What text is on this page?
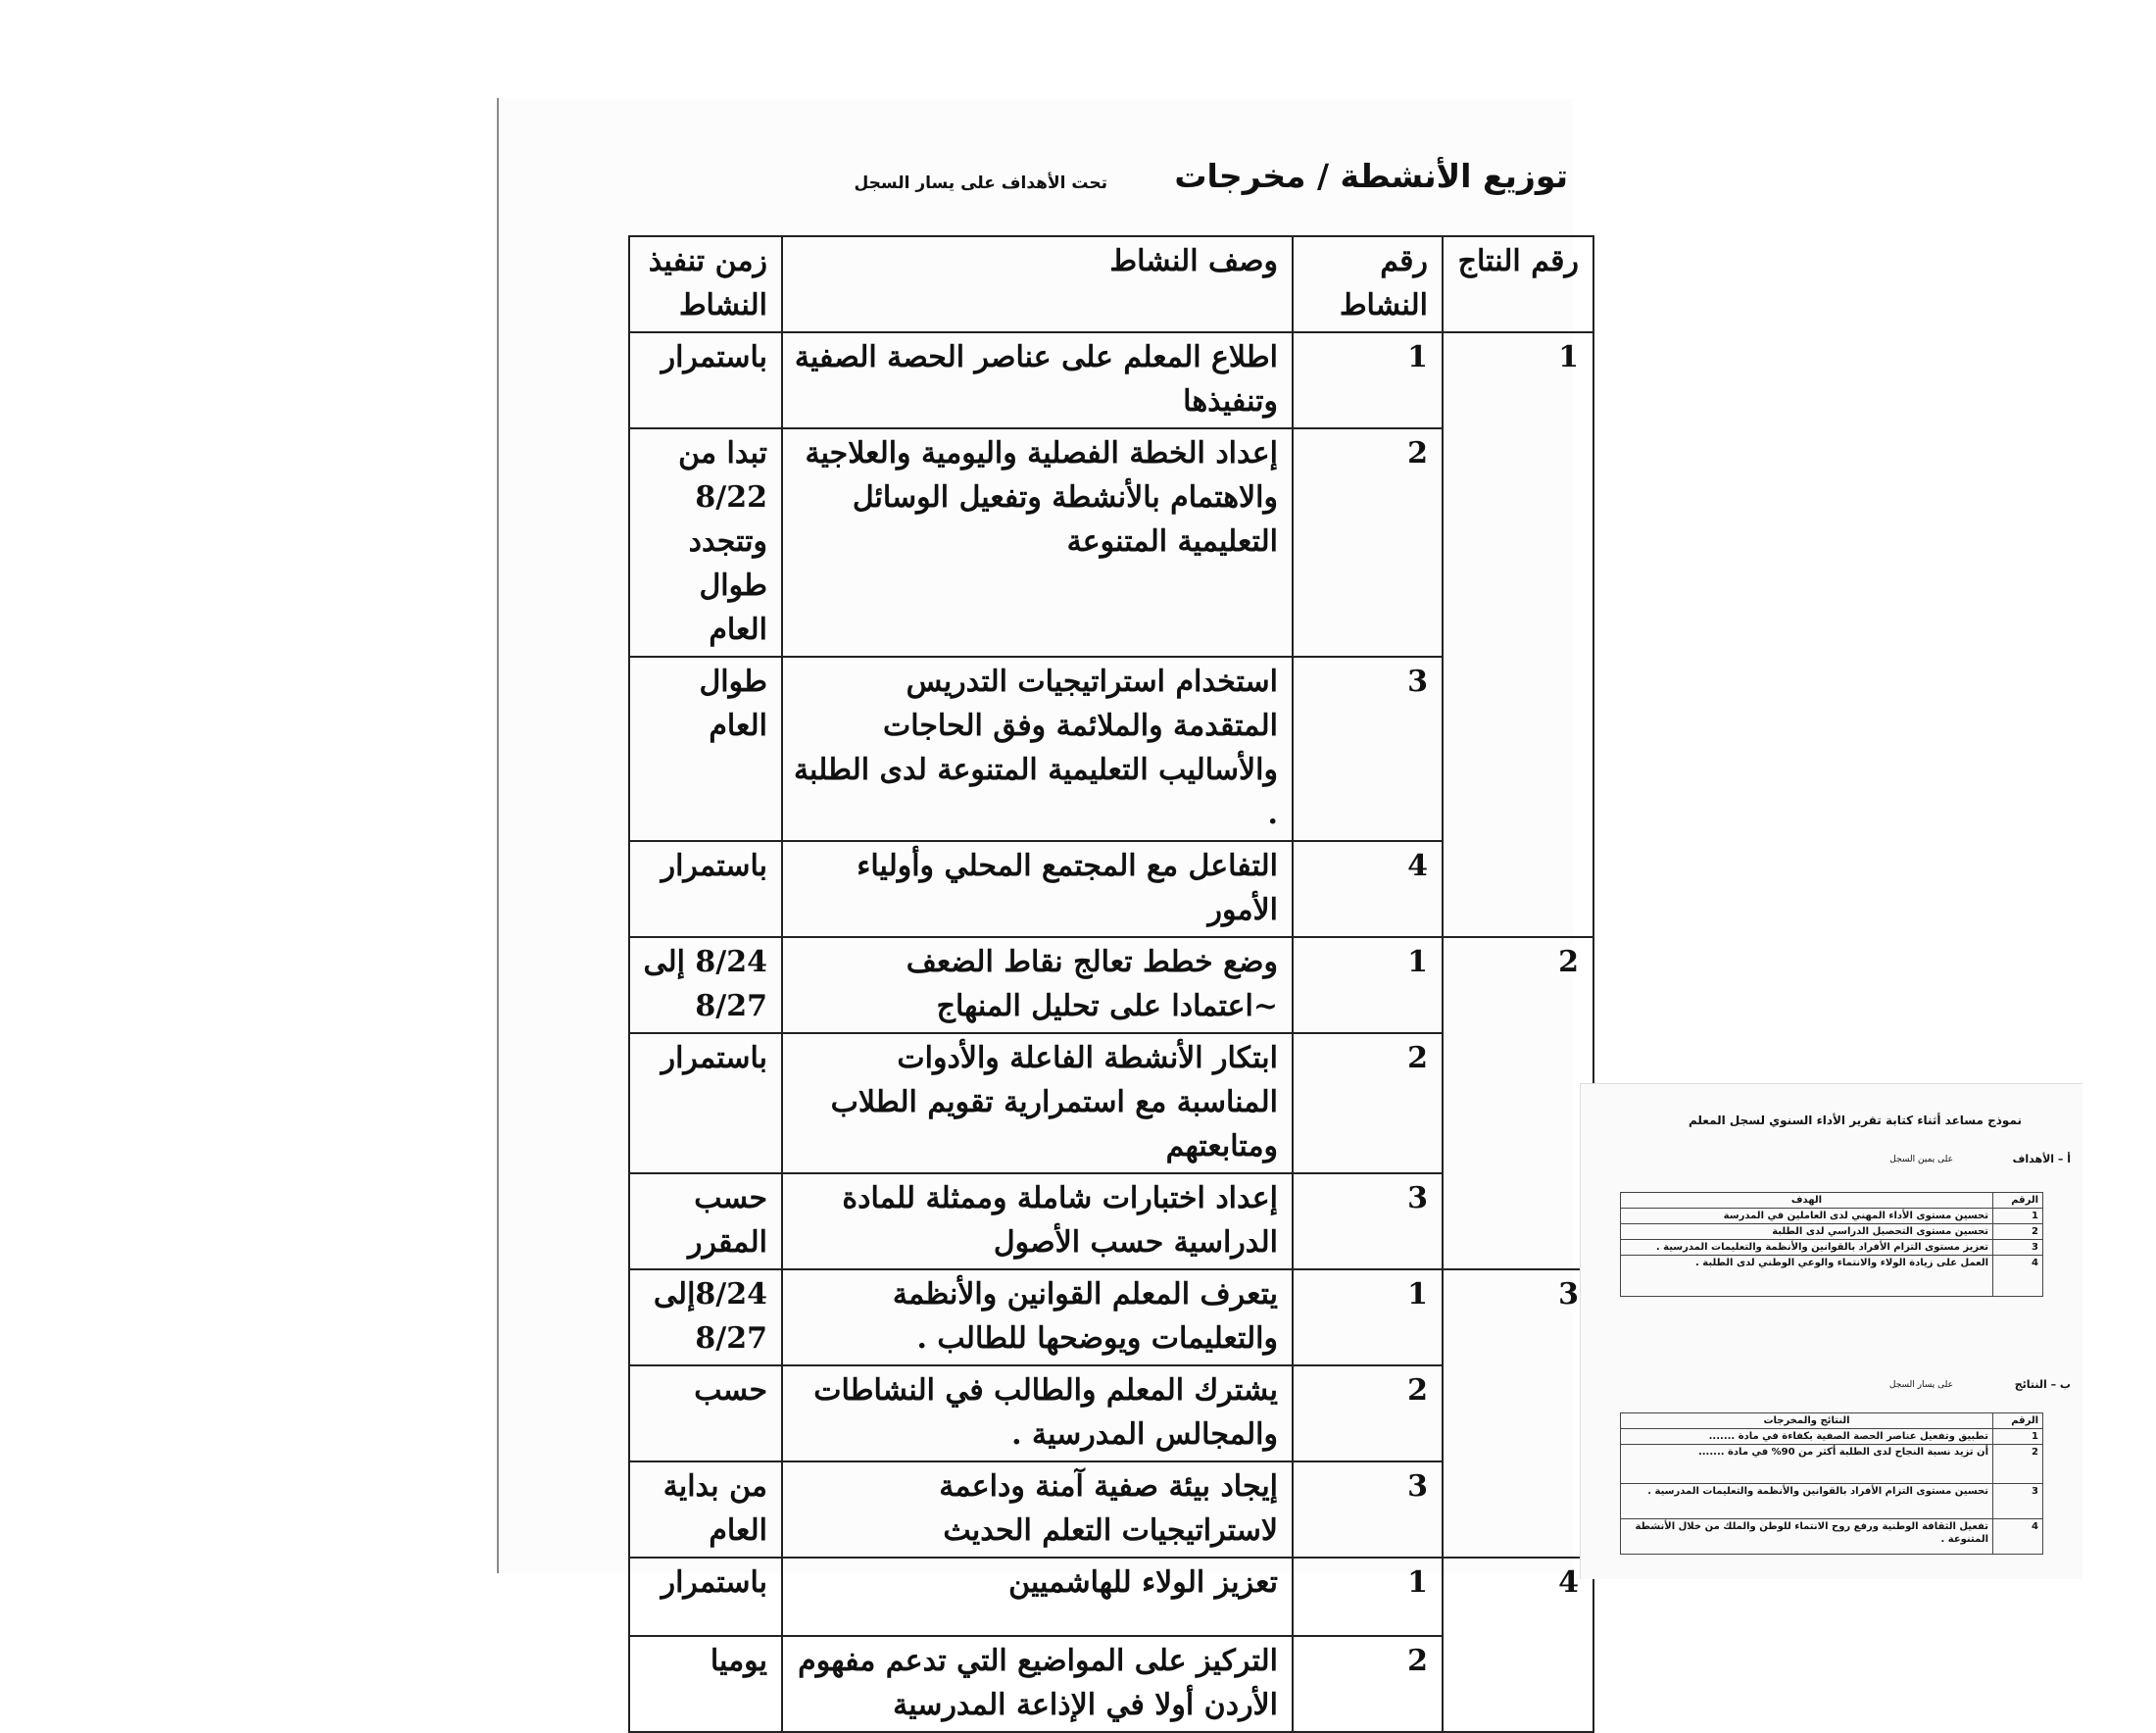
توزيع الأنشطة / مخرجات
تحت الأهداف على يسار السجل
رقم النتاج	رقم النشاط	وصف النشاط	زمن تنفيذ النشاط
1	1	اطلاع المعلم على عناصر الحصة الصفية وتنفيذها	باستمرار
	2	إعداد الخطة الفصلية واليومية والعلاجية والاهتمام بالأنشطة وتفعيل الوسائل التعليمية المتنوعة	تبدا من 8/22 وتتجدد طوال العام
	3	استخدام استراتيجيات التدريس المتقدمة والملائمة وفق الحاجات والأساليب التعليمية المتنوعة لدى الطلبة .	طوال العام
	4	التفاعل مع المجتمع المحلي وأولياء الأمور	باستمرار
2	1	وضع خطط تعالج نقاط الضعف ~اعتمادا على تحليل المنهاج	8/24 إلى 8/27
	2	ابتكار الأنشطة الفاعلة والأدوات المناسبة مع استمرارية تقويم الطلاب ومتابعتهم	باستمرار
	3	إعداد اختبارات شاملة وممثلة للمادة الدراسية حسب الأصول	حسب المقرر
3	1	يتعرف المعلم القوانين والأنظمة والتعليمات ويوضحها للطالب .	8/24إلى 8/27
	2	يشترك المعلم والطالب في النشاطات والمجالس المدرسية .	حسب
	3	إيجاد بيئة صفية آمنة وداعمة لاستراتيجيات التعلم الحديث	من بداية العام
4	1	تعزيز الولاء للهاشميين	باستمرار
	2	التركيز على المواضيع التي تدعم مفهوم الأردن أولا في الإذاعة المدرسية	يوميا
نموذج مساعد أثناء كتابة تقرير الأداء السنوي لسجل المعلم
أ – الأهداف
على يمين السجل
الرقم	الهدف
1	تحسين مستوى الأداء المهني لدى العاملين في المدرسة
2	تحسين مستوى التحصيل الدراسي لدى الطلبة
3	تعزيز مستوى التزام الأفراد بالقوانين والأنظمة والتعليمات المدرسية .
4	العمل على زيادة الولاء والانتماء والوعي الوطني لدى الطلبة .
ب – النتائج
على يسار السجل
الرقم	النتائج والمخرجات
1	تطبيق وتفعيل عناصر الحصة الصفية بكفاءة في مادة .......
2	أن تزيد نسبة النجاح لدى الطلبة أكثر من 90% في مادة .......
3	تحسين مستوى التزام الأفراد بالقوانين والأنظمة والتعليمات المدرسية .
4	تفعيل الثقافة الوطنية ورفع روح الانتماء للوطن والملك من خلال الأنشطة المتنوعة .
